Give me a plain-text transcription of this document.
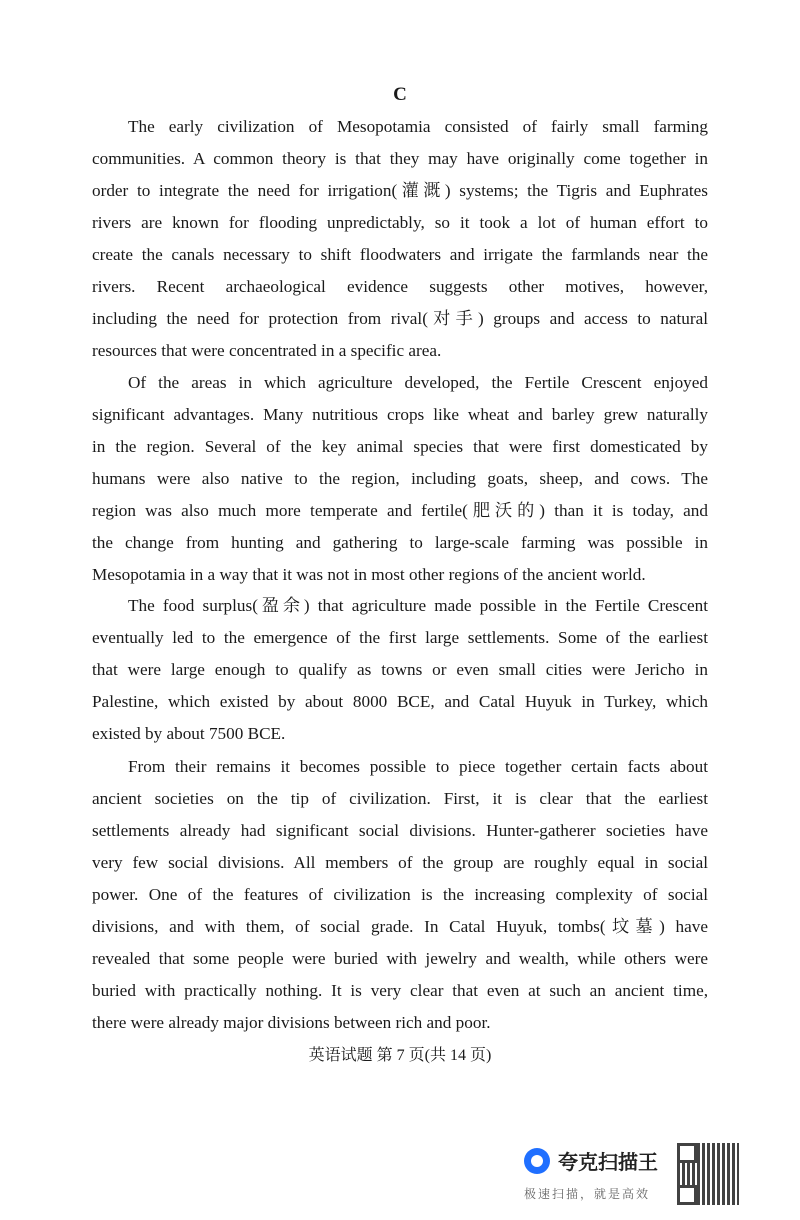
C
The early civilization of Mesopotamia consisted of fairly small farming
communities. A common theory is that they may have originally come together in
order to integrate the need for irrigation(灌溉) systems; the Tigris and Euphrates
rivers are known for flooding unpredictably, so it took a lot of human effort to
create the canals necessary to shift floodwaters and irrigate the farmlands near the
rivers. Recent archaeological evidence suggests other motives, however,
including the need for protection from rival(对手) groups and access to natural
resources that were concentrated in a specific area.
Of the areas in which agriculture developed, the Fertile Crescent enjoyed
significant advantages. Many nutritious crops like wheat and barley grew naturally
in the region. Several of the key animal species that were first domesticated by
humans were also native to the region, including goats, sheep, and cows. The
region was also much more temperate and fertile(肥沃的) than it is today, and
the change from hunting and gathering to large-scale farming was possible in
Mesopotamia in a way that it was not in most other regions of the ancient world.
The food surplus(盈余) that agriculture made possible in the Fertile Crescent
eventually led to the emergence of the first large settlements. Some of the earliest
that were large enough to qualify as towns or even small cities were Jericho in
Palestine, which existed by about 8000 BCE, and Catal Huyuk in Turkey, which
existed by about 7500 BCE.
From their remains it becomes possible to piece together certain facts about
ancient societies on the tip of civilization. First, it is clear that the earliest
settlements already had significant social divisions. Hunter-gatherer societies have
very few social divisions. All members of the group are roughly equal in social
power. One of the features of civilization is the increasing complexity of social
divisions, and with them, of social grade. In Catal Huyuk, tombs(坟墓) have
revealed that some people were buried with jewelry and wealth, while others were
buried with practically nothing. It is very clear that even at such an ancient time,
there were already major divisions between rich and poor.
英语试题 第 7 页(共 14 页)
夸克扫描王
极速扫描，就是高效
